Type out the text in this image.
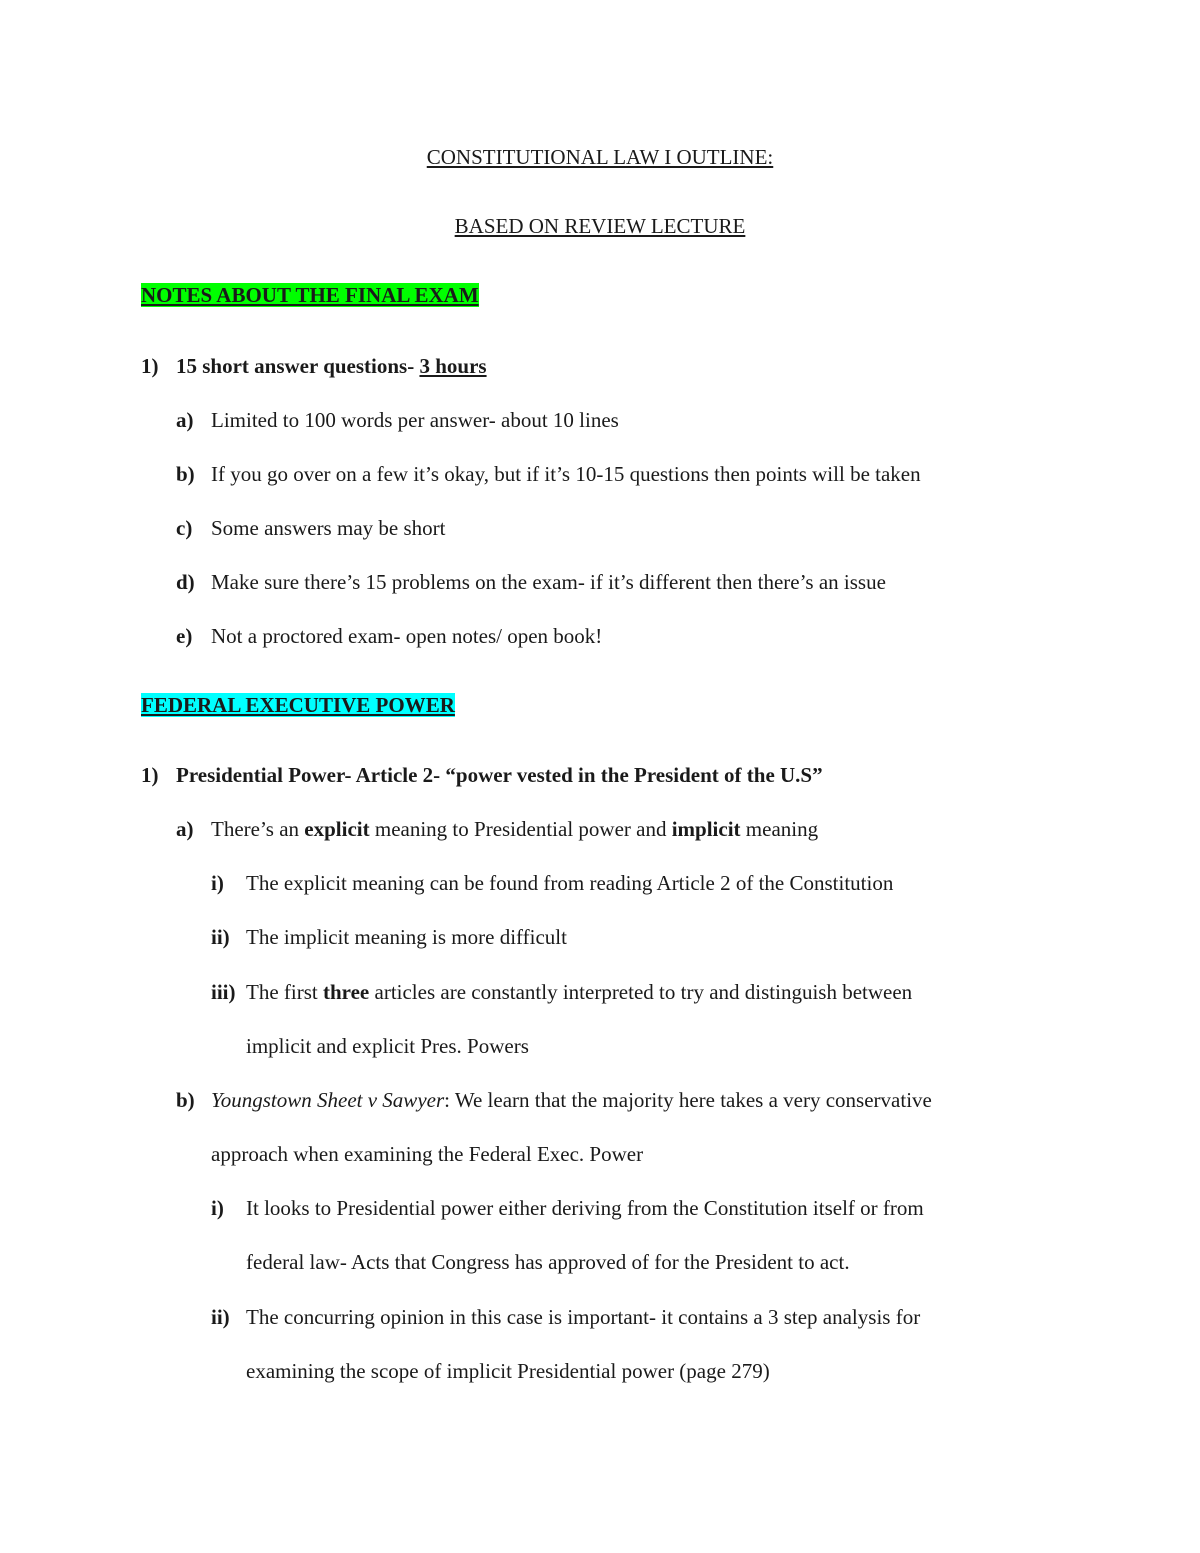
CONSTITUTIONAL LAW I OUTLINE:
BASED ON REVIEW LECTURE
NOTES ABOUT THE FINAL EXAM
1) 15 short answer questions- 3 hours
a) Limited to 100 words per answer- about 10 lines
b) If you go over on a few it’s okay, but if it’s 10-15 questions then points will be taken
c) Some answers may be short
d) Make sure there’s 15 problems on the exam- if it’s different then there’s an issue
e) Not a proctored exam- open notes/ open book!
FEDERAL EXECUTIVE POWER
1) Presidential Power- Article 2- “power vested in the President of the U.S”
a) There’s an explicit meaning to Presidential power and implicit meaning
i) The explicit meaning can be found from reading Article 2 of the Constitution
ii) The implicit meaning is more difficult
iii) The first three articles are constantly interpreted to try and distinguish between
implicit and explicit Pres. Powers
b) Youngstown Sheet v Sawyer: We learn that the majority here takes a very conservative
approach when examining the Federal Exec. Power
i) It looks to Presidential power either deriving from the Constitution itself or from
federal law- Acts that Congress has approved of for the President to act.
ii) The concurring opinion in this case is important- it contains a 3 step analysis for
examining the scope of implicit Presidential power (page 279)
